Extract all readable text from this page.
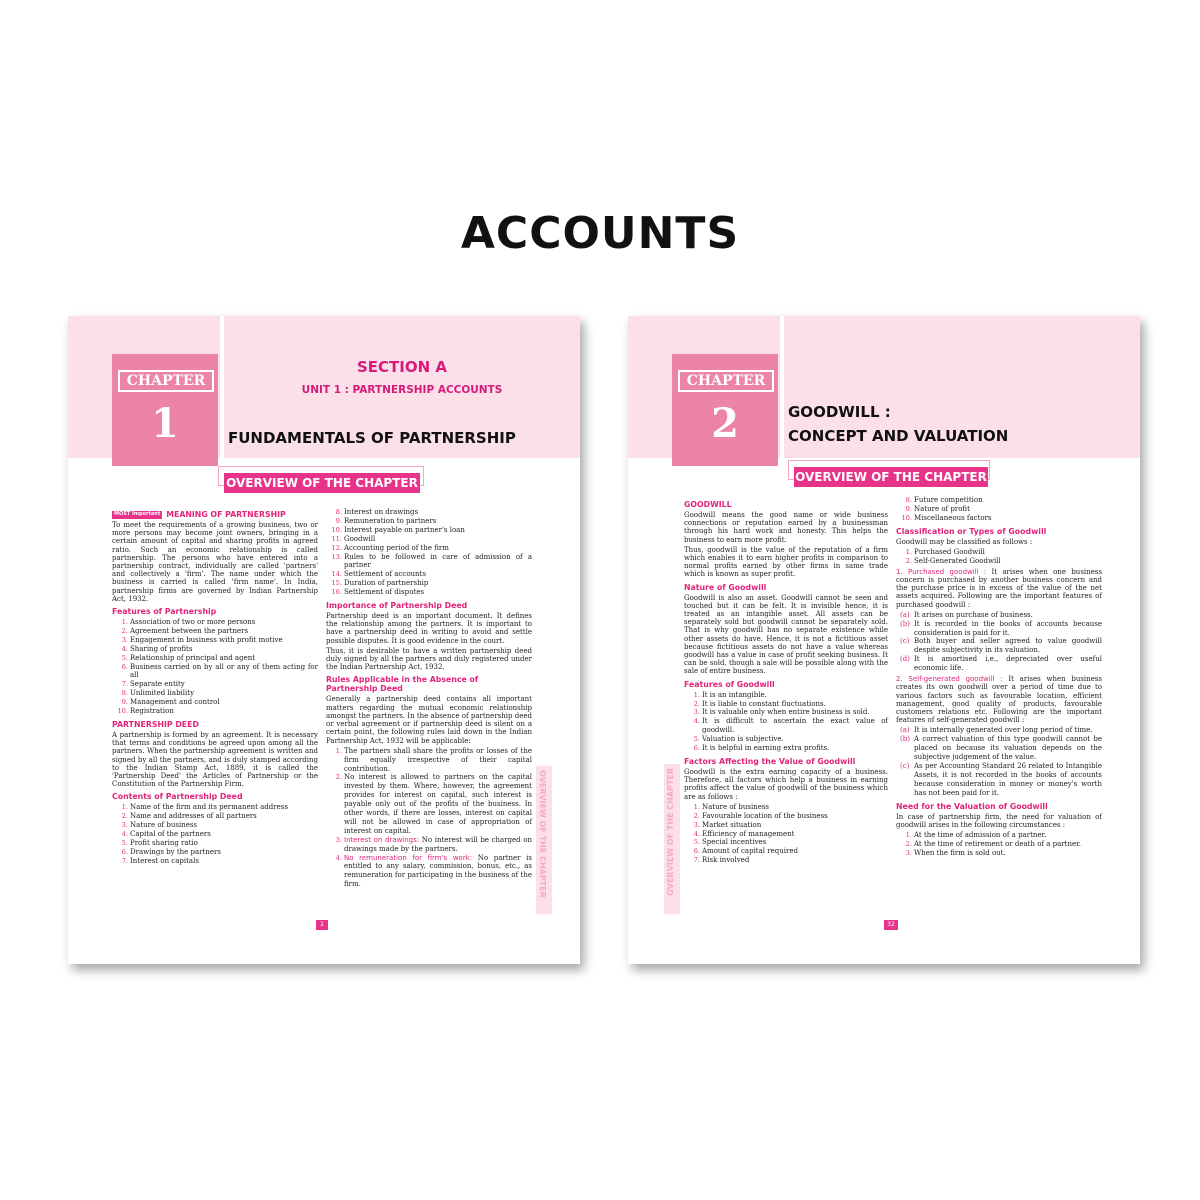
ACCOUNTS
CHAPTER
1
SECTION A
UNIT 1 : PARTNERSHIP ACCOUNTS
FUNDAMENTALS OF PARTNERSHIP
OVERVIEW OF THE CHAPTER
MOST Important MEANING OF PARTNERSHIP

To meet the requirements of a growing business, two or more persons may become joint owners, bringing in a certain amount of capital and sharing profits in agreed ratio. Such an economic relationship is called partnership. The persons who have entered into a partnership contract, individually are called 'partners' and collectively a 'firm'. The name under which the business is carried is called 'firm name'. In India, partnership firms are governed by Indian Partnership Act, 1932.

Features of Partnership
1. Association of two or more persons
2. Agreement between the partners
3. Engagement in business with profit motive
4. Sharing of profits
5. Relationship of principal and agent
6. Business carried on by all or any of them acting for all
7. Separate entity
8. Unlimited liability
9. Management and control
10. Registration
PARTNERSHIP DEED

A partnership is formed by an agreement. It is necessary that terms and conditions be agreed upon among all the partners. When the partnership agreement is written and signed by all the partners, and is duly stamped according to the Indian Stamp Act, 1889, it is called the 'Partnership Deed' the Articles of Partnership or the Constitution of the Partnership Firm.

Contents of Partnership Deed
1. Name of the firm and its permanent address
2. Name and addresses of all partners
3. Nature of business
4. Capital of the partners
5. Profit sharing ratio
6. Drawings by the partners
7. Interest on capitals
8. Interest on drawings
9. Remuneration to partners
10. Interest payable on partner's loan
11. Goodwill
12. Accounting period of the firm
13. Rules to be followed in care of admission of a partner
14. Settlement of accounts
15. Duration of partnership
16. Settlement of disputes
Importance of Partnership Deed

Partnership deed is an important document. It defines the relationship among the partners. It is important to have a partnership deed in writing to avoid and settle possible disputes. It is good evidence in the court.

Thus, it is desirable to have a written partnership deed duly signed by all the partners and duly registered under the Indian Partnership Act, 1932.

Rules Applicable in the Absence of Partnership Deed

Generally a partnership deed contains all important matters regarding the mutual economic relationship amongst the partners. In the absence of partnership deed or verbal agreement or if partnership deed is silent on a certain point, the following rules laid down in the Indian Partnership Act, 1932 will be applicable:

1. The partners shall share the profits or losses of the firm equally irrespective of their capital contribution.
2. No interest is allowed to partners on the capital invested by them. Where, however, the agreement provides for interest on capital, such interest is payable only out of the profits of the business. In other words, if there are losses, interest on capital will not be allowed in case of appropriation of interest on capital.
3. Interest on drawings: No interest will be charged on drawings made by the partners.
4. No remuneration for firm's work: No partner is entitled to any salary, commission, bonus, etc., as remuneration for participating in the business of the firm.	OVERVIEW OF THE CHAPTER
1
CHAPTER
2	GOODWILL :
CONCEPT AND VALUATION
OVERVIEW OF THE CHAPTER
GOODWILL

Goodwill means the good name or wide business connections or reputation earned by a businessman through his hard work and honesty. This helps the business to earn more profit.

Thus, goodwill is the value of the reputation of a firm which enables it to earn higher profits in comparison to normal profits earned by other firms in same trade which is known as super profit.

Nature of Goodwill

Goodwill is also an asset. Goodwill cannot be seen and touched but it can be felt. It is invisible hence, it is treated as an intangible asset. All assets can be separately sold but goodwill cannot be separately sold. That is why goodwill has no separate existence while other assets do have. Hence, it is not a fictitious asset because fictitious assets do not have a value whereas goodwill has a value in case of profit seeking business. It can be sold, though a sale will be possible along with the sale of entire business.

Features of Goodwill
1. It is an intangible.
2. It is liable to constant fluctuations.
3. It is valuable only when entire business is sold.
4. It is difficult to ascertain the exact value of goodwill.
5. Valuation is subjective.
6. It is helpful in earning extra profits.
Factors Affecting the Value of Goodwill

Goodwill is the extra earning capacity of a business. Therefore, all factors which help a business in earning profits affect the value of goodwill of the business which are as follows :

1. Nature of business
2. Favourable location of the business
3. Market situation
4. Efficiency of management
5. Special incentives
6. Amount of capital required
7. Risk involved
8. Future competition
9. Nature of profit
10. Miscellaneous factors
Classification or Types of Goodwill

Goodwill may be classified as follows :

1. Purchased Goodwill
2. Self-Generated Goodwill

1. Purchased goodwill : It arises when one business concern is purchased by another business concern and the purchase price is in excess of the value of the net assets acquired. Following are the important features of purchased goodwill :

(a) It arises on purchase of business.
(b) It is recorded in the books of accounts because consideration is paid for it.
(c) Both buyer and seller agreed to value goodwill despite subjectivity in its valuation.
(d) It is amortised i.e., depreciated over useful economic life.

2. Self-generated goodwill : It arises when business creates its own goodwill over a period of time due to various factors such as favourable location, efficient management, good quality of products, favourable customers relations etc. Following are the important features of self-generated goodwill :

(a) It is internally generated over long period of time.
(b) A correct valuation of this type goodwill cannot be placed on because its valuation depends on the subjective judgement of the value.
(c) As per Accounting Standard 26 related to Intangible Assets, it is not recorded in the books of accounts because consideration in money or money's worth has not been paid for it.
Need for the Valuation of Goodwill

In case of partnership firm, the need for valuation of goodwill arises in the following circumstances :

1. At the time of admission of a partner.
2. At the time of retirement or death of a partner.
3. When the firm is sold out.
OVERVIEW OF THE CHAPTER
32
